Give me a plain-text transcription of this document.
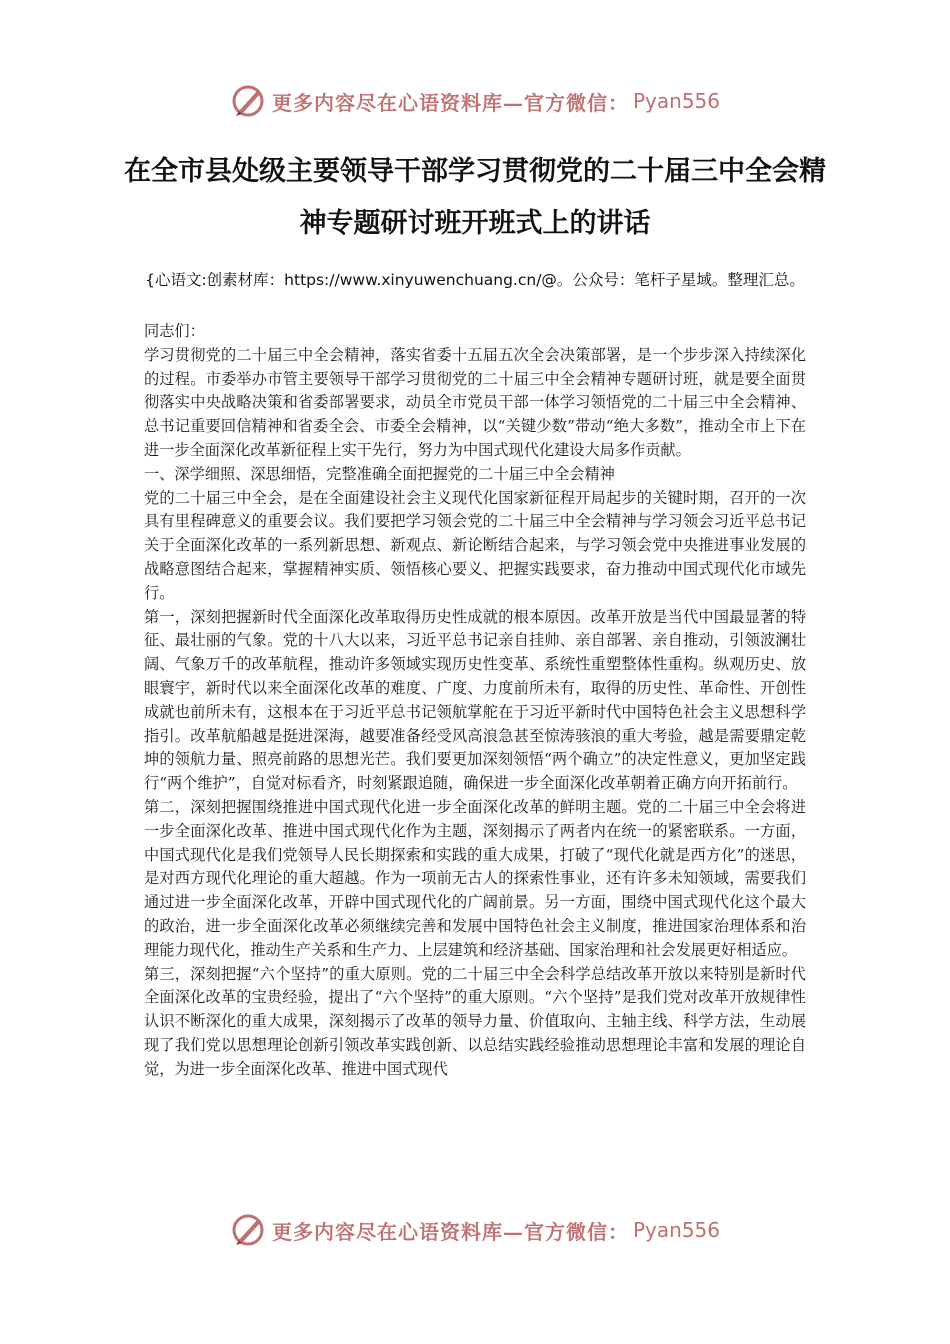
更多内容尽在心语资料库—官方微信： Pyan556
在全市县处级主要领导干部学习贯彻党的二十届三中全会精神专题研讨班开班式上的讲话
{心语文:创素材库：https://www.xinyuwenchuang.cn/@。公众号：笔杆子星域。整理汇总。

同志们：

学习贯彻党的二十届三中全会精神，落实省委十五届五次全会决策部署，是一个步步深入持续深化的过程。市委举办市管主要领导干部学习贯彻党的二十届三中全会精神专题研讨班，就是要全面贯彻落实中央战略决策和省委部署要求，动员全市党员干部一体学习领悟党的二十届三中全会精神、总书记重要回信精神和省委全会、市委全会精神，以“关键少数”带动“绝大多数”，推动全市上下在进一步全面深化改革新征程上实干先行，努力为中国式现代化建设大局多作贡献。

一、深学细照、深思细悟，完整准确全面把握党的二十届三中全会精神

党的二十届三中全会，是在全面建设社会主义现代化国家新征程开局起步的关键时期，召开的一次具有里程碑意义的重要会议。我们要把学习领会党的二十届三中全会精神与学习领会习近平总书记关于全面深化改革的一系列新思想、新观点、新论断结合起来，与学习领会党中央推进事业发展的战略意图结合起来，掌握精神实质、领悟核心要义、把握实践要求，奋力推动中国式现代化市域先行。

第一，深刻把握新时代全面深化改革取得历史性成就的根本原因。改革开放是当代中国最显著的特征、最壮丽的气象。党的十八大以来，习近平总书记亲自挂帅、亲自部署、亲自推动，引领波澜壮阔、气象万千的改革航程，推动许多领域实现历史性变革、系统性重塑整体性重构。纵观历史、放眼寰宇，新时代以来全面深化改革的难度、广度、力度前所未有，取得的历史性、革命性、开创性成就也前所未有，这根本在于习近平总书记领航掌舵在于习近平新时代中国特色社会主义思想科学指引。改革航船越是挺进深海，越要准备经受风高浪急甚至惊涛骇浪的重大考验，越是需要鼎定乾坤的领航力量、照亮前路的思想光芒。我们要更加深刻领悟“两个确立”的决定性意义，更加坚定践行“两个维护”，自觉对标看齐，时刻紧跟追随，确保进一步全面深化改革朝着正确方向开拓前行。

第二，深刻把握围绕推进中国式现代化进一步全面深化改革的鲜明主题。党的二十届三中全会将进一步全面深化改革、推进中国式现代化作为主题，深刻揭示了两者内在统一的紧密联系。一方面，中国式现代化是我们党领导人民长期探索和实践的重大成果，打破了“现代化就是西方化”的迷思，是对西方现代化理论的重大超越。作为一项前无古人的探索性事业，还有许多未知领域，需要我们通过进一步全面深化改革，开辟中国式现代化的广阔前景。另一方面，围绕中国式现代化这个最大的政治，进一步全面深化改革必须继续完善和发展中国特色社会主义制度，推进国家治理体系和治理能力现代化，推动生产关系和生产力、上层建筑和经济基础、国家治理和社会发展更好相适应。

第三，深刻把握“六个坚持”的重大原则。党的二十届三中全会科学总结改革开放以来特别是新时代全面深化改革的宝贵经验，提出了“六个坚持”的重大原则。“六个坚持”是我们党对改革开放规律性认识不断深化的重大成果，深刻揭示了改革的领导力量、价值取向、主轴主线、科学方法，生动展现了我们党以思想理论创新引领改革实践创新、以总结实践经验推动思想理论丰富和发展的理论自觉，为进一步全面深化改革、推进中国式现代

更多内容尽在心语资料库—官方微信： Pyan556
